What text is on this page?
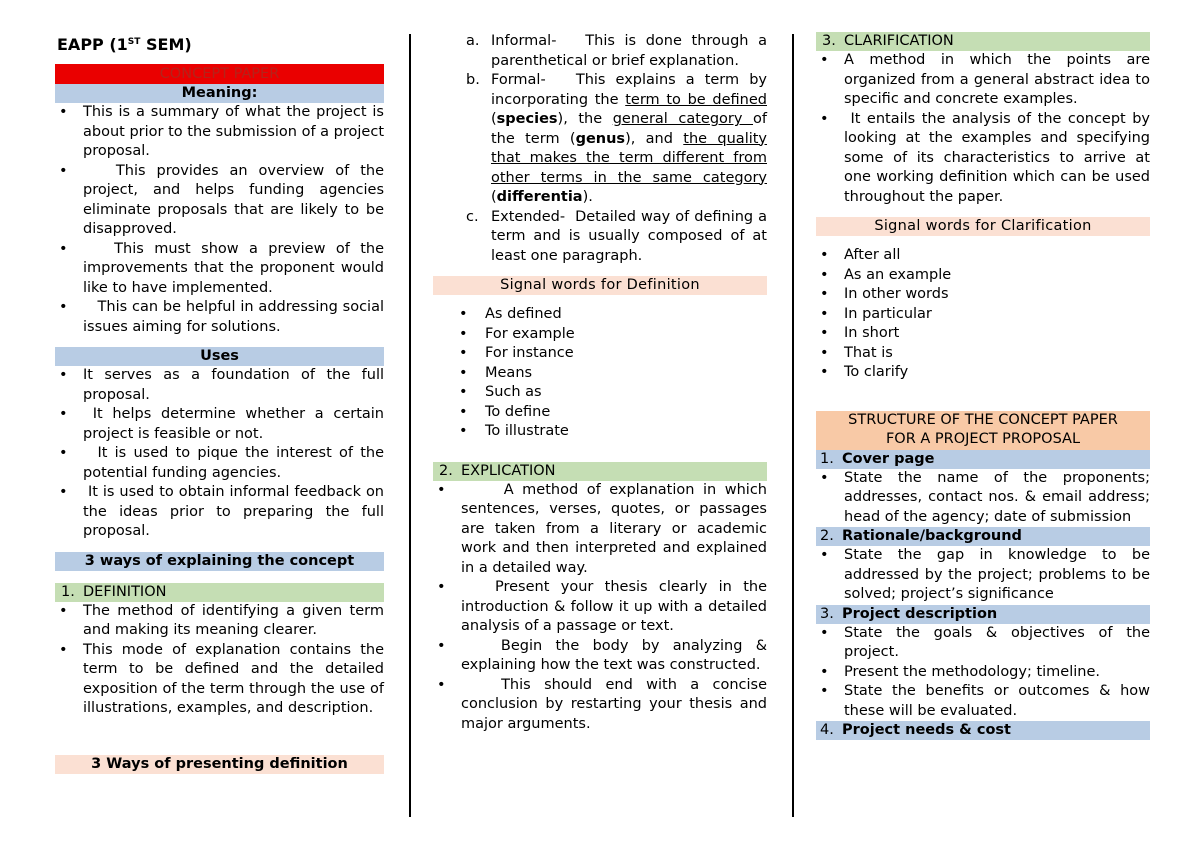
EAPP (1ST SEM)
CONCEPT PAPER
Meaning:
• This is a summary of what the project is about prior to the submission of a project proposal.
•    This provides an overview of the project, and helps funding agencies eliminate proposals that are likely to be disapproved.
•    This must show a preview of the improvements that the proponent would like to have implemented.
•    This can be helpful in addressing social issues aiming for solutions.
Uses
• It serves as a foundation of the full proposal.
•  It helps determine whether a certain project is feasible or not.
•   It is used to pique the interest of the potential funding agencies.
•  It is used to obtain informal feedback on the ideas prior to preparing the full proposal.
3 ways of explaining the concept
1. DEFINITION
• The method of identifying a given term and making its meaning clearer.
• This mode of explanation contains the term to be defined and the detailed exposition of the term through the use of illustrations, examples, and description.
3 Ways of presenting definition
a. Informal-   This is done through a parenthetical or brief explanation.
b. Formal-   This explains a term by incorporating the term to be defined (species), the general category of the term (genus), and the quality that makes the term different from other terms in the same category (differentia).
c. Extended-  Detailed way of defining a term and is usually composed of at least one paragraph.
Signal words for Definition
• As defined
• For example
• For instance
• Means
• Such as
• To define
• To illustrate
2. EXPLICATION
•      A method of explanation in which sentences, verses, quotes, or passages are taken from a literary or academic work and then interpreted and explained in a detailed way.
•    Present your thesis clearly in the introduction & follow it up with a detailed analysis of a passage or text.
•    Begin the body by analyzing & explaining how the text was constructed.
•    This should end with a concise conclusion by restarting your thesis and major arguments.
3. CLARIFICATION
• A method in which the points are organized from a general abstract idea to specific and concrete examples.
•  It entails the analysis of the concept by looking at the examples and specifying some of its characteristics to arrive at one working definition which can be used throughout the paper.
Signal words for Clarification
• After all
• As an example
• In other words
• In particular
• In short
• That is
• To clarify
STRUCTURE OF THE CONCEPT PAPER
FOR A PROJECT PROPOSAL
1. Cover page
• State the name of the proponents; addresses, contact nos. & email address; head of the agency; date of submission
2. Rationale/background
• State the gap in knowledge to be addressed by the project; problems to be solved; project’s significance
3. Project description
• State the goals & objectives of the project.
• Present the methodology; timeline.
• State the benefits or outcomes & how these will be evaluated.
4. Project needs & cost
